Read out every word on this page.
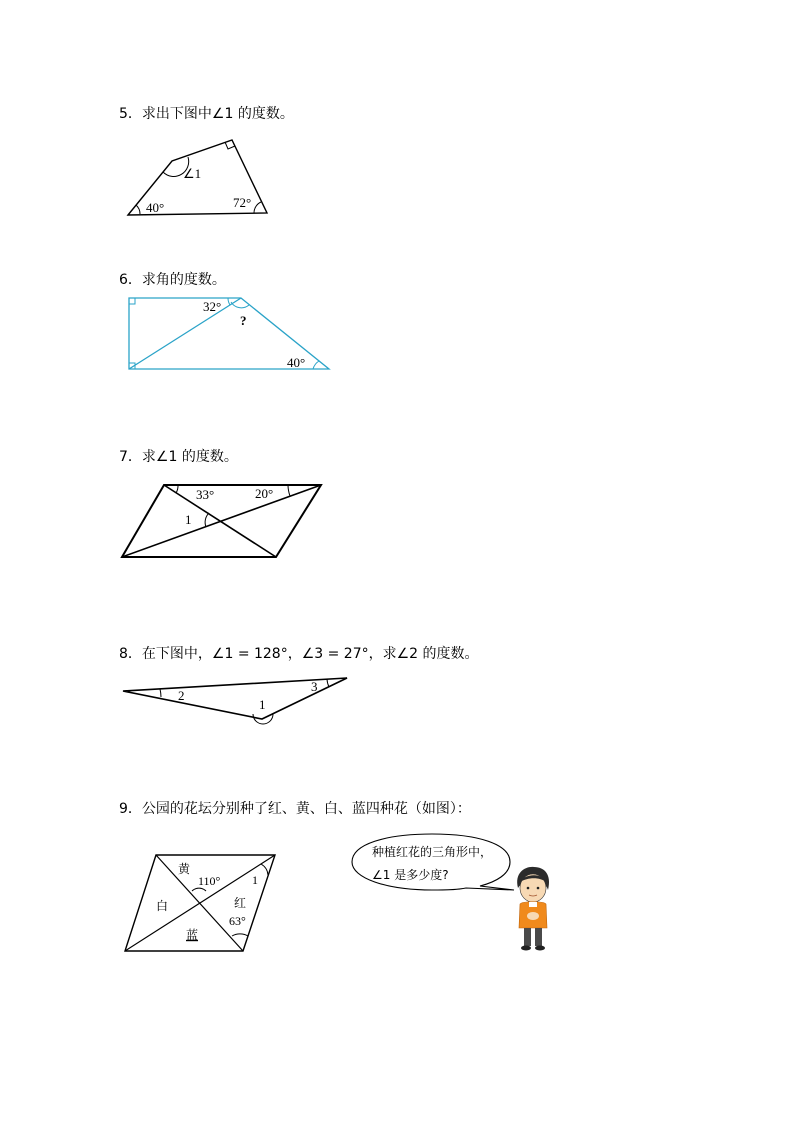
5．求出下图中∠1 的度数。
∠1
40°	72°
6．求角的度数。
32°
?
40°
7．求∠1 的度数。
33°	20°
1
8．在下图中，∠1 = 128°，∠3 = 27°，求∠2 的度数。
2
1
3
9．公园的花坛分别种了红、黄、白、蓝四种花（如图）：
黄
110°	1
白	红
63°
蓝
种植红花的三角形中，
∠1 是多少度?
